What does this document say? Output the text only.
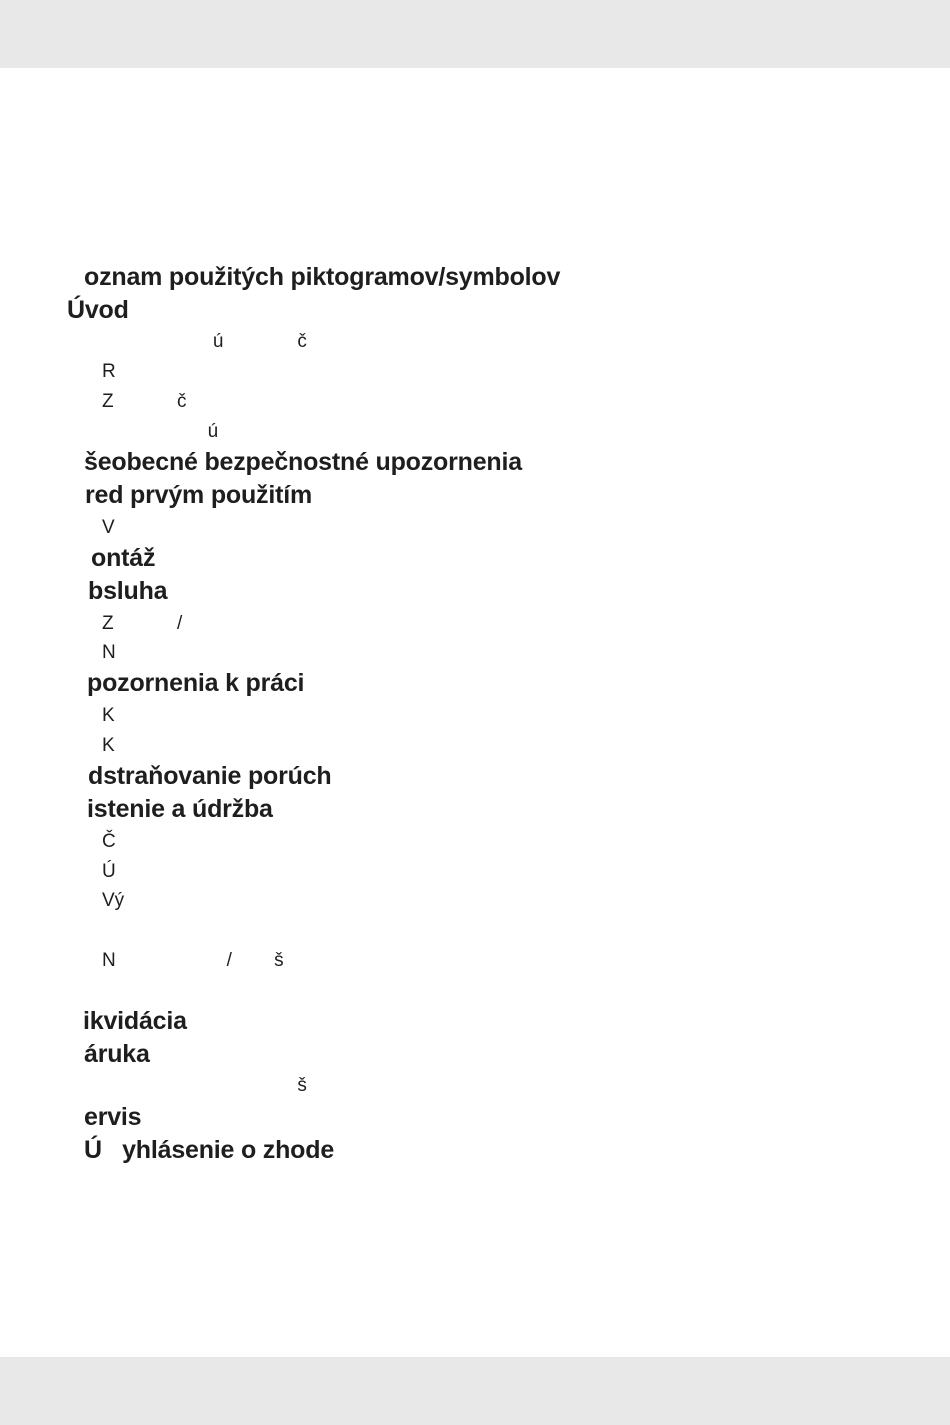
oznam použitých piktogramov/symbolov
Úvod
ú              č
R
Z            č
ú
šeobecné bezpečnostné upozornenia
red prvým použitím
V
ontáž
bsluha
Z            /
N
pozornenia k práci
K
K
dstraňovanie porúch
istenie a údržba
Č
Ú
Vý
N                     /        š
ikvidácia
áruka
š
ervis
Ú   yhlásenie o zhode
